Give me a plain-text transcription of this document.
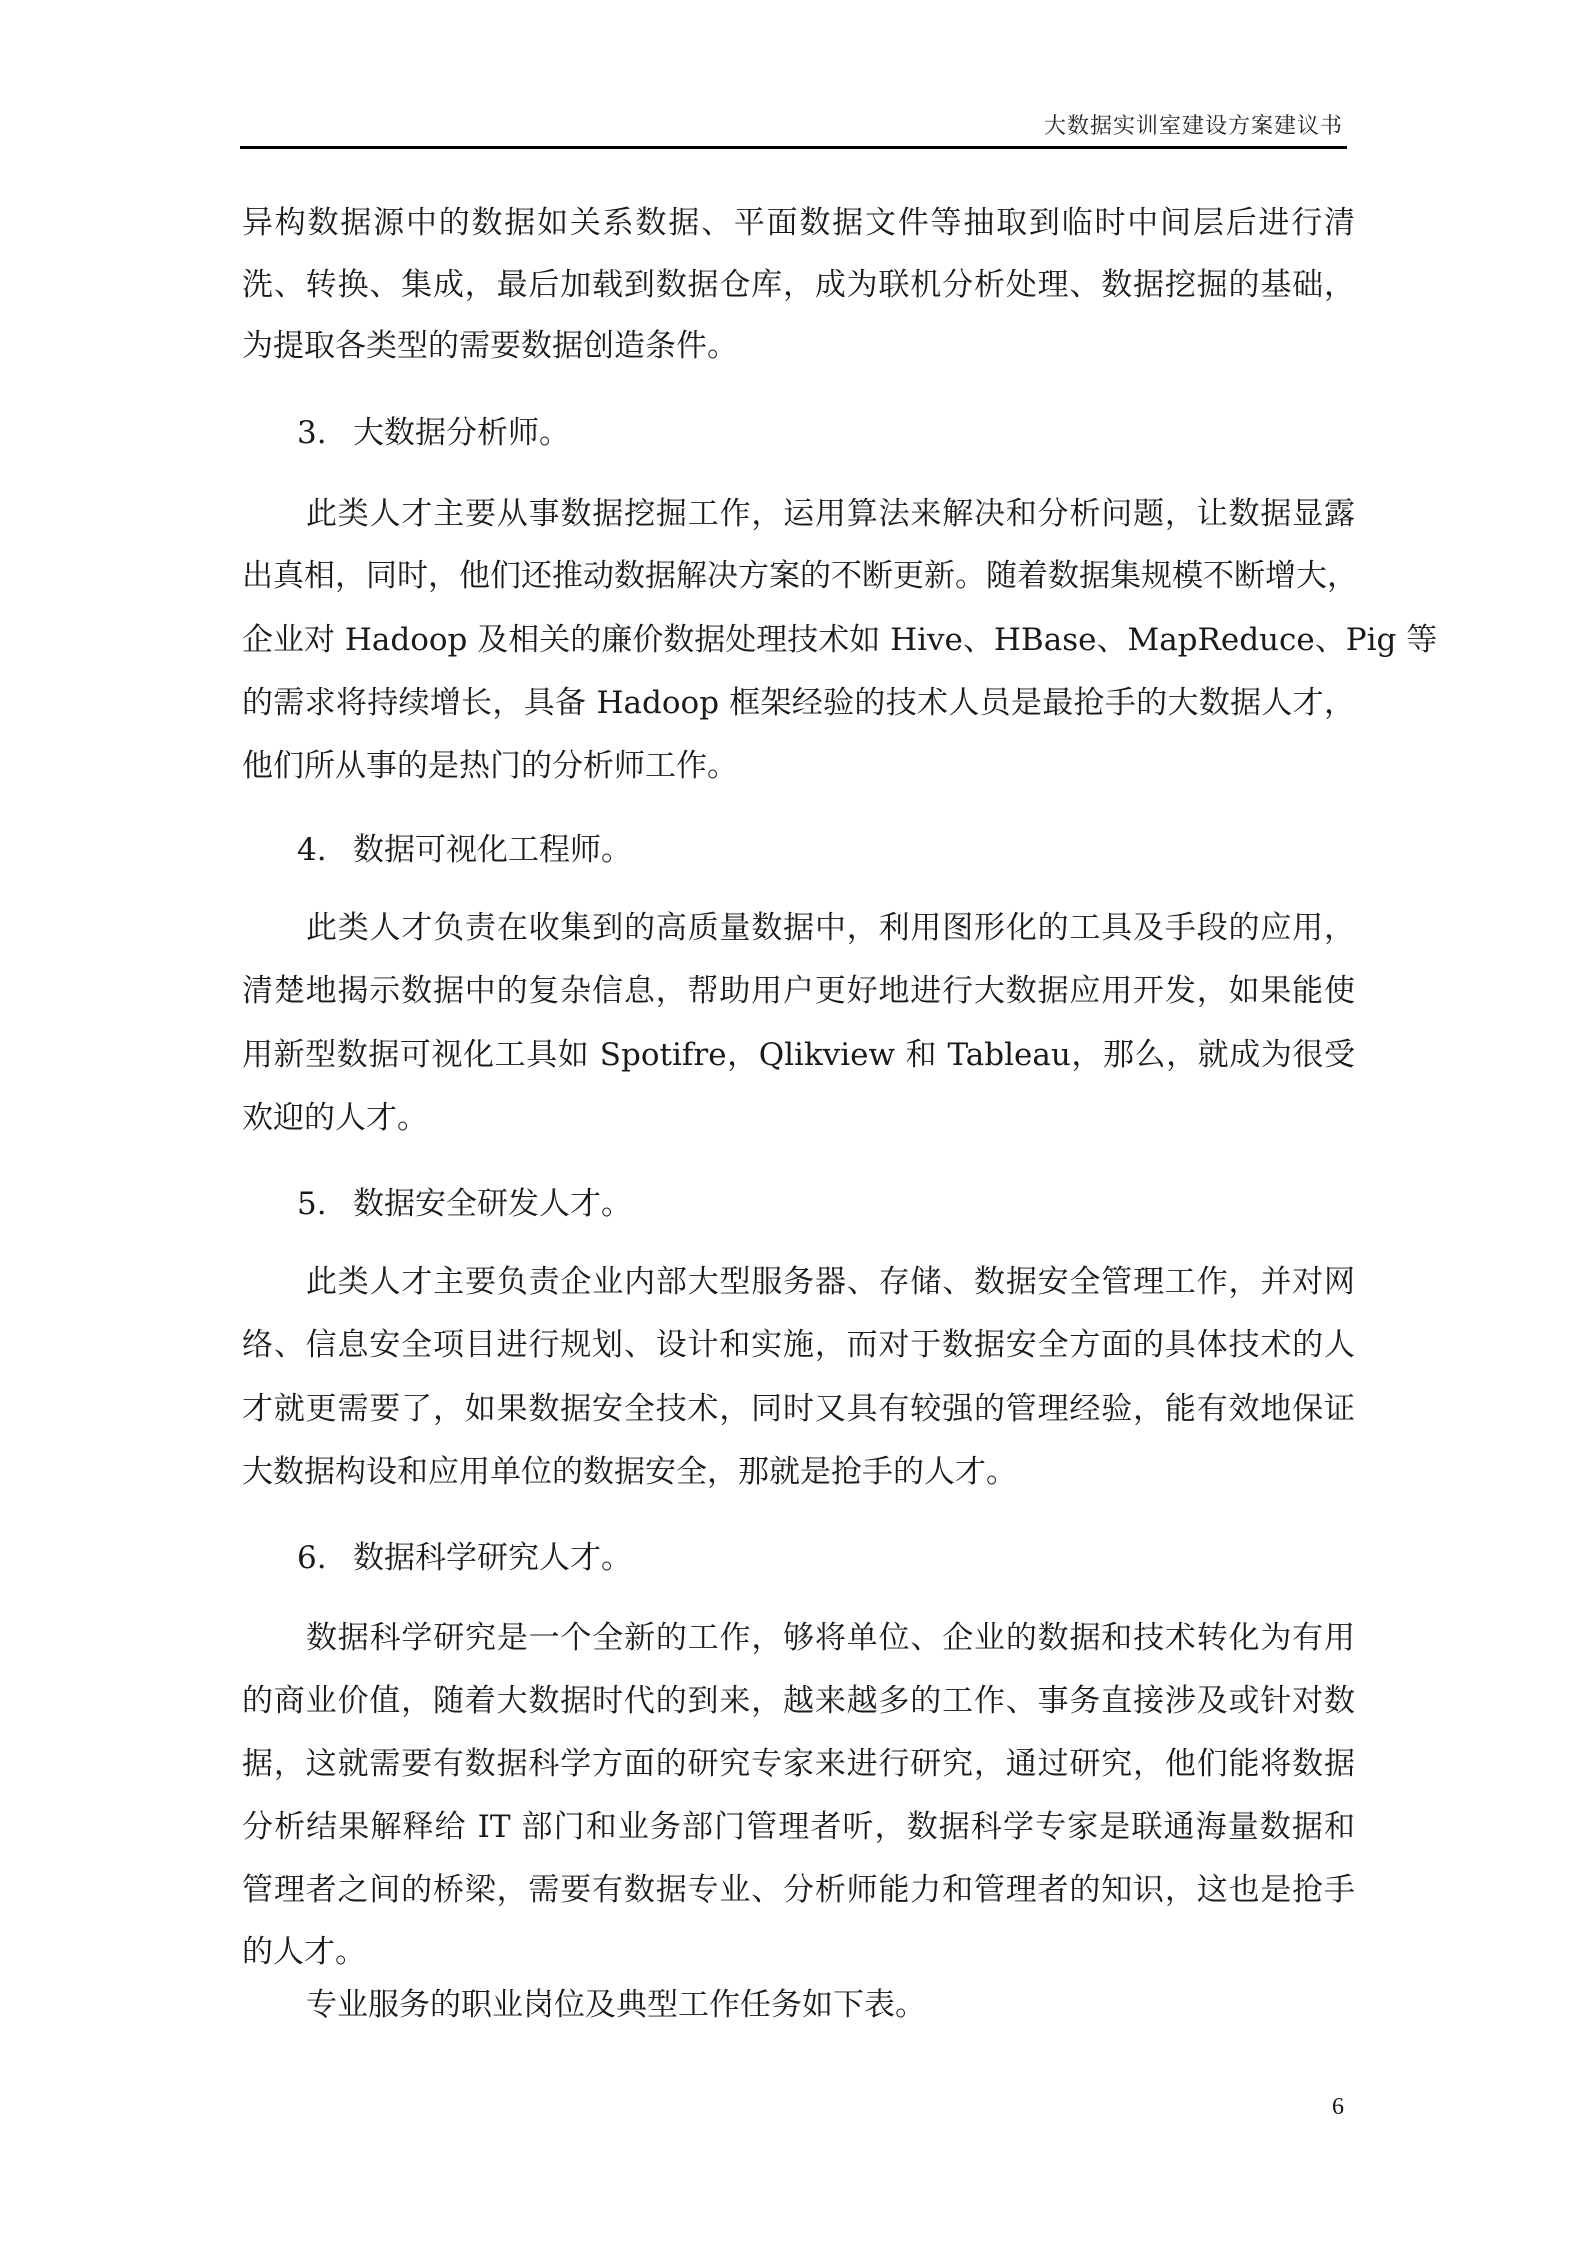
大数据实训室建设方案建议书
异构数据源中的数据如关系数据、平面数据文件等抽取到临时中间层后进行清
洗、转换、集成，最后加载到数据仓库，成为联机分析处理、数据挖掘的基础，
为提取各类型的需要数据创造条件。
3. 大数据分析师。
此类人才主要从事数据挖掘工作，运用算法来解决和分析问题，让数据显露
出真相，同时，他们还推动数据解决方案的不断更新。随着数据集规模不断增大，
企业对 Hadoop 及相关的廉价数据处理技术如 Hive、HBase、MapReduce、Pig 等
的需求将持续增长，具备 Hadoop 框架经验的技术人员是最抢手的大数据人才，
他们所从事的是热门的分析师工作。
4. 数据可视化工程师。
此类人才负责在收集到的高质量数据中，利用图形化的工具及手段的应用，
清楚地揭示数据中的复杂信息，帮助用户更好地进行大数据应用开发，如果能使
用新型数据可视化工具如 Spotifre，Qlikview 和 Tableau，那么，就成为很受
欢迎的人才。
5. 数据安全研发人才。
此类人才主要负责企业内部大型服务器、存储、数据安全管理工作，并对网
络、信息安全项目进行规划、设计和实施，而对于数据安全方面的具体技术的人
才就更需要了，如果数据安全技术，同时又具有较强的管理经验，能有效地保证
大数据构设和应用单位的数据安全，那就是抢手的人才。
6. 数据科学研究人才。
数据科学研究是一个全新的工作，够将单位、企业的数据和技术转化为有用
的商业价值，随着大数据时代的到来，越来越多的工作、事务直接涉及或针对数
据，这就需要有数据科学方面的研究专家来进行研究，通过研究，他们能将数据
分析结果解释给 IT 部门和业务部门管理者听，数据科学专家是联通海量数据和
管理者之间的桥梁，需要有数据专业、分析师能力和管理者的知识，这也是抢手
的人才。
专业服务的职业岗位及典型工作任务如下表。
6
